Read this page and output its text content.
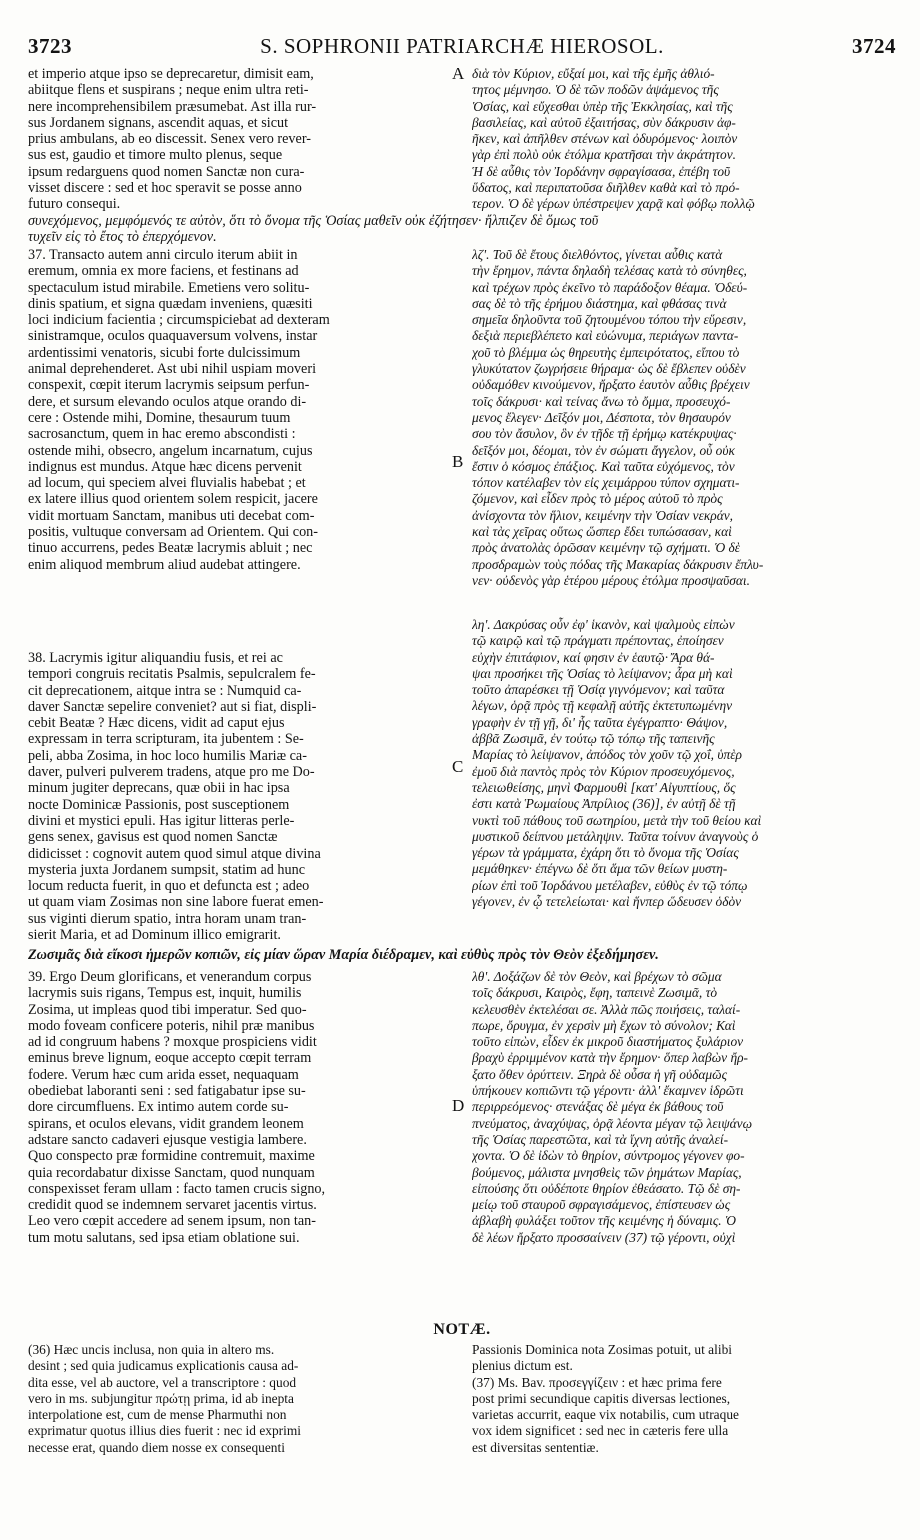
3723	S. SOPHRONII PATRIARCHÆ HIEROSOL.	3724

et imperio atque ipso se deprecaretur, dimisit eam,
abiitque flens et suspirans ; neque enim ultra reti-
nere incomprehensibilem præsumebat. Ast illa rur-
sus Jordanem signans, ascendit aquas, et sicut
prius ambulans, ab eo discessit. Senex vero rever-
sus est, gaudio et timore multo plenus, seque
ipsum redarguens quod nomen Sanctæ non cura-
visset discere : sed et hoc speravit se posse anno
futuro consequi.

διὰ τὸν Κύριον, εὔξαί μοι, καὶ τῆς ἐμῆς ἀθλιό-
τητος μέμνησο. Ὁ δὲ τῶν ποδῶν ἁψάμενος τῆς
Ὁσίας, καὶ εὔχεσθαι ὑπὲρ τῆς Ἐκκλησίας, καὶ τῆς
βασιλείας, καὶ αὐτοῦ ἐξαιτήσας, σὺν δάκρυσιν ἀφ-
ῆκεν, καὶ ἀπῆλθεν στένων καὶ ὀδυρόμενος· λοιπὸν
γὰρ ἐπὶ πολὺ οὐκ ἐτόλμα κρατῆσαι τὴν ἀκράτητον.
Ἡ δὲ αὖθις τὸν Ἰορδάνην σφραγίσασα, ἐπέβη τοῦ
ὕδατος, καὶ περιπατοῦσα διῆλθεν καθὰ καὶ τὸ πρό-
τερον. Ὁ δὲ γέρων ὑπέστρεψεν χαρᾷ καὶ φόβῳ πολλῷ

A
συνεχόμενος, μεμφόμενός τε αὐτὸν, ὅτι τὸ ὄνομα τῆς Ὁσίας μαθεῖν οὐκ ἐζήτησεν· ἤλπιζεν δὲ ὅμως τοῦ
τυχεῖν εἰς τὸ ἔτος τὸ ἐπερχόμενον.

37. Transacto autem anni circulo iterum abiit in
eremum, omnia ex more faciens, et festinans ad
spectaculum istud mirabile. Emetiens vero solitu-
dinis spatium, et signa quædam inveniens, quæsiti
loci indicium facientia ; circumspiciebat ad dexteram
sinistramque, oculos quaquaversum volvens, instar
ardentissimi venatoris, sicubi forte dulcissimum
animal deprehenderet. Ast ubi nihil uspiam moveri
conspexit, cœpit iterum lacrymis seipsum perfun-
dere, et sursum elevando oculos atque orando di-
cere : Ostende mihi, Domine, thesaurum tuum
sacrosanctum, quem in hac eremo abscondisti :
ostende mihi, obsecro, angelum incarnatum, cujus
indignus est mundus. Atque hæc dicens pervenit
ad locum, qui speciem alvei fluvialis habebat ; et
ex latere illius quod orientem solem respicit, jacere
vidit mortuam Sanctam, manibus uti decebat com-
positis, vultuque conversam ad Orientem. Qui con-
tinuo accurrens, pedes Beatæ lacrymis abluit ; nec
enim aliquod membrum aliud audebat attingere.

λζ'. Τοῦ δὲ ἔτους διελθόντος, γίνεται αὖθις κατὰ
τὴν ἔρημον, πάντα δηλαδὴ τελέσας κατὰ τὸ σύνηθες,
καὶ τρέχων πρὸς ἐκεῖνο τὸ παράδοξον θέαμα. Ὁδεύ-
σας δὲ τὸ τῆς ἐρήμου διάστημα, καὶ φθάσας τινὰ
σημεῖα δηλοῦντα τοῦ ζητουμένου τόπου τὴν εὕρεσιν,
δεξιὰ περιεβλέπετο καὶ εὐώνυμα, περιάγων παντα-
χοῦ τὸ βλέμμα ὡς θηρευτὴς ἐμπειρότατος, εἴπου τὸ
γλυκύτατον ζωγρήσειε θήραμα· ὡς δὲ ἔβλεπεν οὐδὲν
οὐδαμόθεν κινούμενον, ἤρξατο ἑαυτὸν αὖθις βρέχειν
τοῖς δάκρυσι· καὶ τείνας ἄνω τὸ ὄμμα, προσευχό-
μενος ἔλεγεν· Δεῖξόν μοι, Δέσποτα, τὸν θησαυρόν
σου τὸν ἄσυλον, ὃν ἐν τῇδε τῇ ἐρήμῳ κατέκρυψας·
δεῖξόν μοι, δέομαι, τὸν ἐν σώματι ἄγγελον, οὗ οὐκ
ἔστιν ὁ κόσμος ἐπάξιος. Καὶ ταῦτα εὐχόμενος, τὸν
τόπον κατέλαβεν τὸν εἰς χειμάρρου τύπον σχηματι-
ζόμενον, καὶ εἶδεν πρὸς τὸ μέρος αὐτοῦ τὸ πρὸς
ἀνίσχοντα τὸν ἥλιον, κειμένην τὴν Ὁσίαν νεκράν,
καὶ τὰς χεῖρας οὕτως ὥσπερ ἔδει τυπώσασαν, καὶ
πρὸς ἀνατολὰς ὁρῶσαν κειμένην τῷ σχήματι. Ὁ δὲ
προσδραμὼν τοὺς πόδας τῆς Μακαρίας δάκρυσιν ἔπλυ-
νεν· οὐδενὸς γὰρ ἑτέρου μέρους ἐτόλμα προσψαῦσαι.

B

38. Lacrymis igitur aliquandiu fusis, et rei ac
tempori congruis recitatis Psalmis, sepulcralem fe-
cit deprecationem, aitque intra se : Numquid ca-
daver Sanctæ sepelire conveniet? aut si fiat, displi-
cebit Beatæ ? Hæc dicens, vidit ad caput ejus
expressam in terra scripturam, ita jubentem : Se-
peli, abba Zosima, in hoc loco humilis Mariæ ca-
daver, pulveri pulverem tradens, atque pro me Do-
minum jugiter deprecans, quæ obii in hac ipsa
nocte Dominicæ Passionis, post susceptionem
divini et mystici epuli. Has igitur litteras perle-
gens senex, gavisus est quod nomen Sanctæ
didicisset : cognovit autem quod simul atque divina
mysteria juxta Jordanem sumpsit, statim ad hunc
locum reducta fuerit, in quo et defuncta est ; adeo
ut quam viam Zosimas non sine labore fuerat emen-
sus viginti dierum spatio, intra horam unam tran-
sierit Maria, et ad Dominum illico emigrarit.

λη'. Δακρύσας οὖν ἐφ' ἱκανὸν, καὶ ψαλμοὺς εἰπὼν
τῷ καιρῷ καὶ τῷ πράγματι πρέποντας, ἐποίησεν
εὐχὴν ἐπιτάφιον, καί φησιν ἐν ἑαυτῷ· Ἄρα θά-
ψαι προσήκει τῆς Ὁσίας τὸ λείψανον; ἆρα μὴ καὶ
τοῦτο ἀπαρέσκει τῇ Ὁσίᾳ γιγνόμενον; καὶ ταῦτα
λέγων, ὁρᾷ πρὸς τῇ κεφαλῇ αὐτῆς ἐκτετυπωμένην
γραφὴν ἐν τῇ γῇ, δι' ἧς ταῦτα ἐγέγραπτο· Θάψον,
ἀββᾶ Ζωσιμᾶ, ἐν τούτῳ τῷ τόπῳ τῆς ταπεινῆς
Μαρίας τὸ λείψανον, ἀπόδος τὸν χοῦν τῷ χοΐ, ὑπὲρ
ἐμοῦ διὰ παντὸς πρὸς τὸν Κύριον προσευχόμενος,
τελειωθείσης, μηνὶ Φαρμουθὶ [κατ' Αἰγυπτίους, ὅς
ἐστι κατὰ Ῥωμαίους Ἀπρίλιος (36)], ἐν αὐτῇ δὲ τῇ
νυκτὶ τοῦ πάθους τοῦ σωτηρίου, μετὰ τὴν τοῦ θείου καὶ
μυστικοῦ δείπνου μετάληψιν. Ταῦτα τοίνυν ἀναγνοὺς ὁ
γέρων τὰ γράμματα, ἐχάρη ὅτι τὸ ὄνομα τῆς Ὁσίας
μεμάθηκεν· ἐπέγνω δὲ ὅτι ἅμα τῶν θείων μυστη-
ρίων ἐπὶ τοῦ Ἰορδάνου μετέλαβεν, εὐθὺς ἐν τῷ τόπῳ
γέγονεν, ἐν ᾧ τετελείωται· καὶ ἥνπερ ὥδευσεν ὁδὸν

C
Ζωσιμᾶς διὰ εἴκοσι ἡμερῶν κοπιῶν, εἰς μίαν ὥραν Μαρία διέδραμεν, καὶ εὐθὺς πρὸς τὸν Θεὸν ἐξεδήμησεν.

39. Ergo Deum glorificans, et venerandum corpus
lacrymis suis rigans, Tempus est, inquit, humilis
Zosima, ut impleas quod tibi imperatur. Sed quo-
modo foveam conficere poteris, nihil præ manibus
ad id congruum habens ? moxque prospiciens vidit
eminus breve lignum, eoque accepto cœpit terram
fodere. Verum hæc cum arida esset, nequaquam
obediebat laboranti seni : sed fatigabatur ipse su-
dore circumfluens. Ex intimo autem corde su-
spirans, et oculos elevans, vidit grandem leonem
adstare sancto cadaveri ejusque vestigia lambere.
Quo conspecto præ formidine contremuit, maxime
quia recordabatur dixisse Sanctam, quod nunquam
conspexisset feram ullam : facto tamen crucis signo,
credidit quod se indemnem servaret jacentis virtus.
Leo vero cœpit accedere ad senem ipsum, non tan-
tum motu salutans, sed ipsa etiam oblatione sui.

λθ'. Δοξάζων δὲ τὸν Θεὸν, καὶ βρέχων τὸ σῶμα
τοῖς δάκρυσι, Καιρὸς, ἔφη, ταπεινὲ Ζωσιμᾶ, τὸ
κελευσθὲν ἐκτελέσαι σε. Ἀλλὰ πῶς ποιήσεις, ταλαί-
πωρε, ὄρυγμα, ἐν χερσὶν μὴ ἔχων τὸ σύνολον; Καὶ
τοῦτο εἰπὼν, εἶδεν ἐκ μικροῦ διαστήματος ξυλάριον
βραχὺ ἐρριμμένον κατὰ τὴν ἔρημον· ὅπερ λαβὼν ἤρ-
ξατο ὄθεν ὀρύττειν. Ξηρὰ δὲ οὖσα ἡ γῆ οὐδαμῶς
ὑπήκουεν κοπιῶντι τῷ γέροντι· ἀλλ' ἔκαμνεν ἱδρῶτι
περιρρεόμενος· στενάξας δὲ μέγα ἐκ βάθους τοῦ
πνεύματος, ἀναχύψας, ὁρᾷ λέοντα μέγαν τῷ λειψάνῳ
τῆς Ὁσίας παρεστῶτα, καὶ τὰ ἴχνη αὐτῆς ἀναλεί-
χοντα. Ὁ δὲ ἰδὼν τὸ θηρίον, σύντρομος γέγονεν φο-
βούμενος, μάλιστα μνησθεὶς τῶν ῥημάτων Μαρίας,
εἰπούσης ὅτι οὐδέποτε θηρίον ἐθεάσατο. Τῷ δὲ ση-
μείῳ τοῦ σταυροῦ σφραγισάμενος, ἐπίστευσεν ὡς
ἀβλαβὴ φυλάξει τοῦτον τῆς κειμένης ἡ δύναμις. Ὁ
δὲ λέων ἤρξατο προσσαίνειν (37) τῷ γέροντι, οὐχὶ

D
NOTÆ.
(36) Hæc uncis inclusa, non quia in altero ms.
desint ; sed quia judicamus explicationis causa ad-
dita esse, vel ab auctore, vel a transcriptore : quod
vero in ms. subjungitur πρώτῃ prima, id ab inepta
interpolatione est, cum de mense Pharmuthi non
exprimatur quotus illius dies fuerit : nec id exprimi
necesse erat, quando diem nosse ex consequenti
Passionis Dominica nota Zosimas potuit, ut alibi
plenius dictum est.
(37) Ms. Bav. προσεγγίζειν : et hæc prima fere
post primi secundique capitis diversas lectiones,
varietas accurrit, eaque vix notabilis, cum utraque
vox idem significet : sed nec in cæteris fere ulla
est diversitas sententiæ.
